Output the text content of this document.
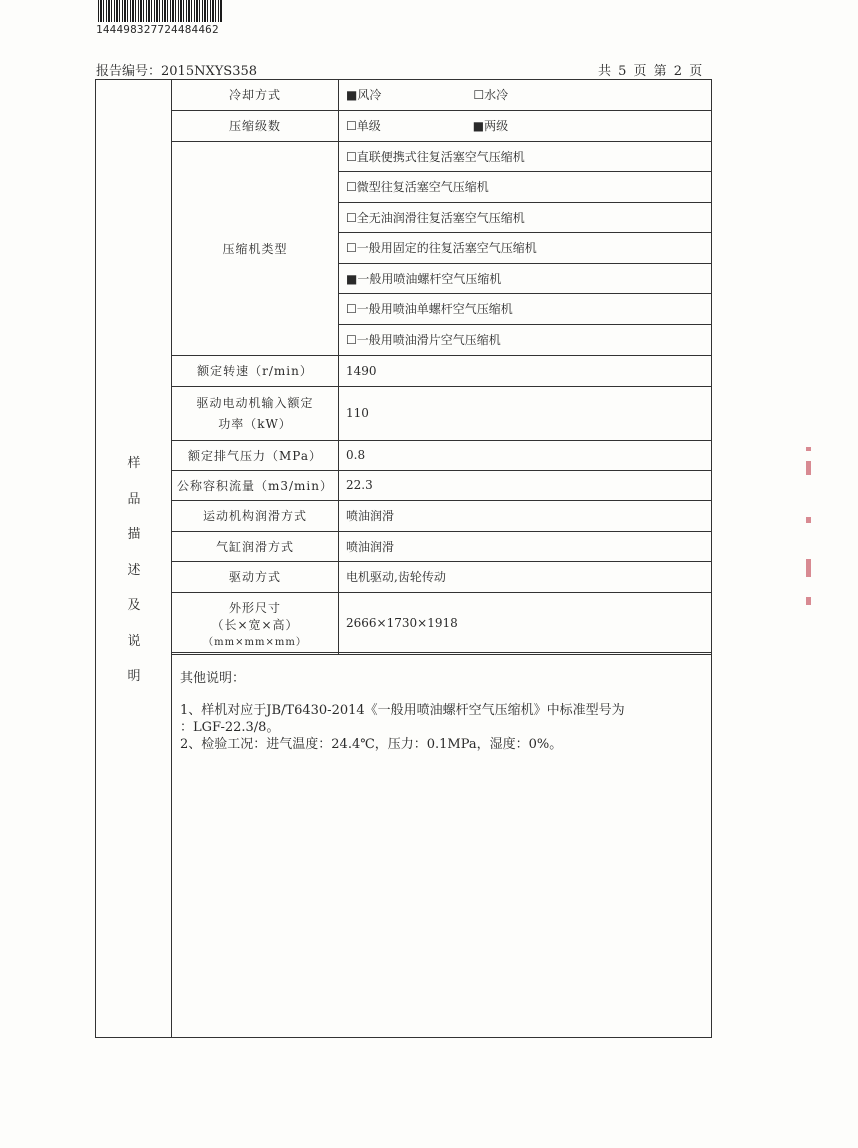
144498327724484462
报告编号：2015NXYS358	共 5 页 第 2 页
样
品
描
述
及
说
明
冷却方式	■风冷 ☐水冷
压缩级数	☐单级 ■两级
压缩机类型	☐直联便携式往复活塞空气压缩机
	☐微型往复活塞空气压缩机
	☐全无油润滑往复活塞空气压缩机
	☐一般用固定的往复活塞空气压缩机
	■一般用喷油螺杆空气压缩机
	☐一般用喷油单螺杆空气压缩机
	☐一般用喷油滑片空气压缩机
额定转速（r/min）	1490

驱动电动机输入额定
功率（kW）	110
额定排气压力（MPa）	0.8
公称容积流量（m3/min）	22.3
运动机构润滑方式	喷油润滑
气缸润滑方式	喷油润滑
驱动方式	电机驱动,齿轮传动

外形尺寸
（长×宽×高）
（mm×mm×mm）	2666×1730×1918
其他说明：
1、样机对应于JB/T6430-2014《一般用喷油螺杆空气压缩机》中标准型号为
：LGF-22.3/8。
2、检验工况：进气温度：24.4℃，压力：0.1MPa，湿度：0%。
